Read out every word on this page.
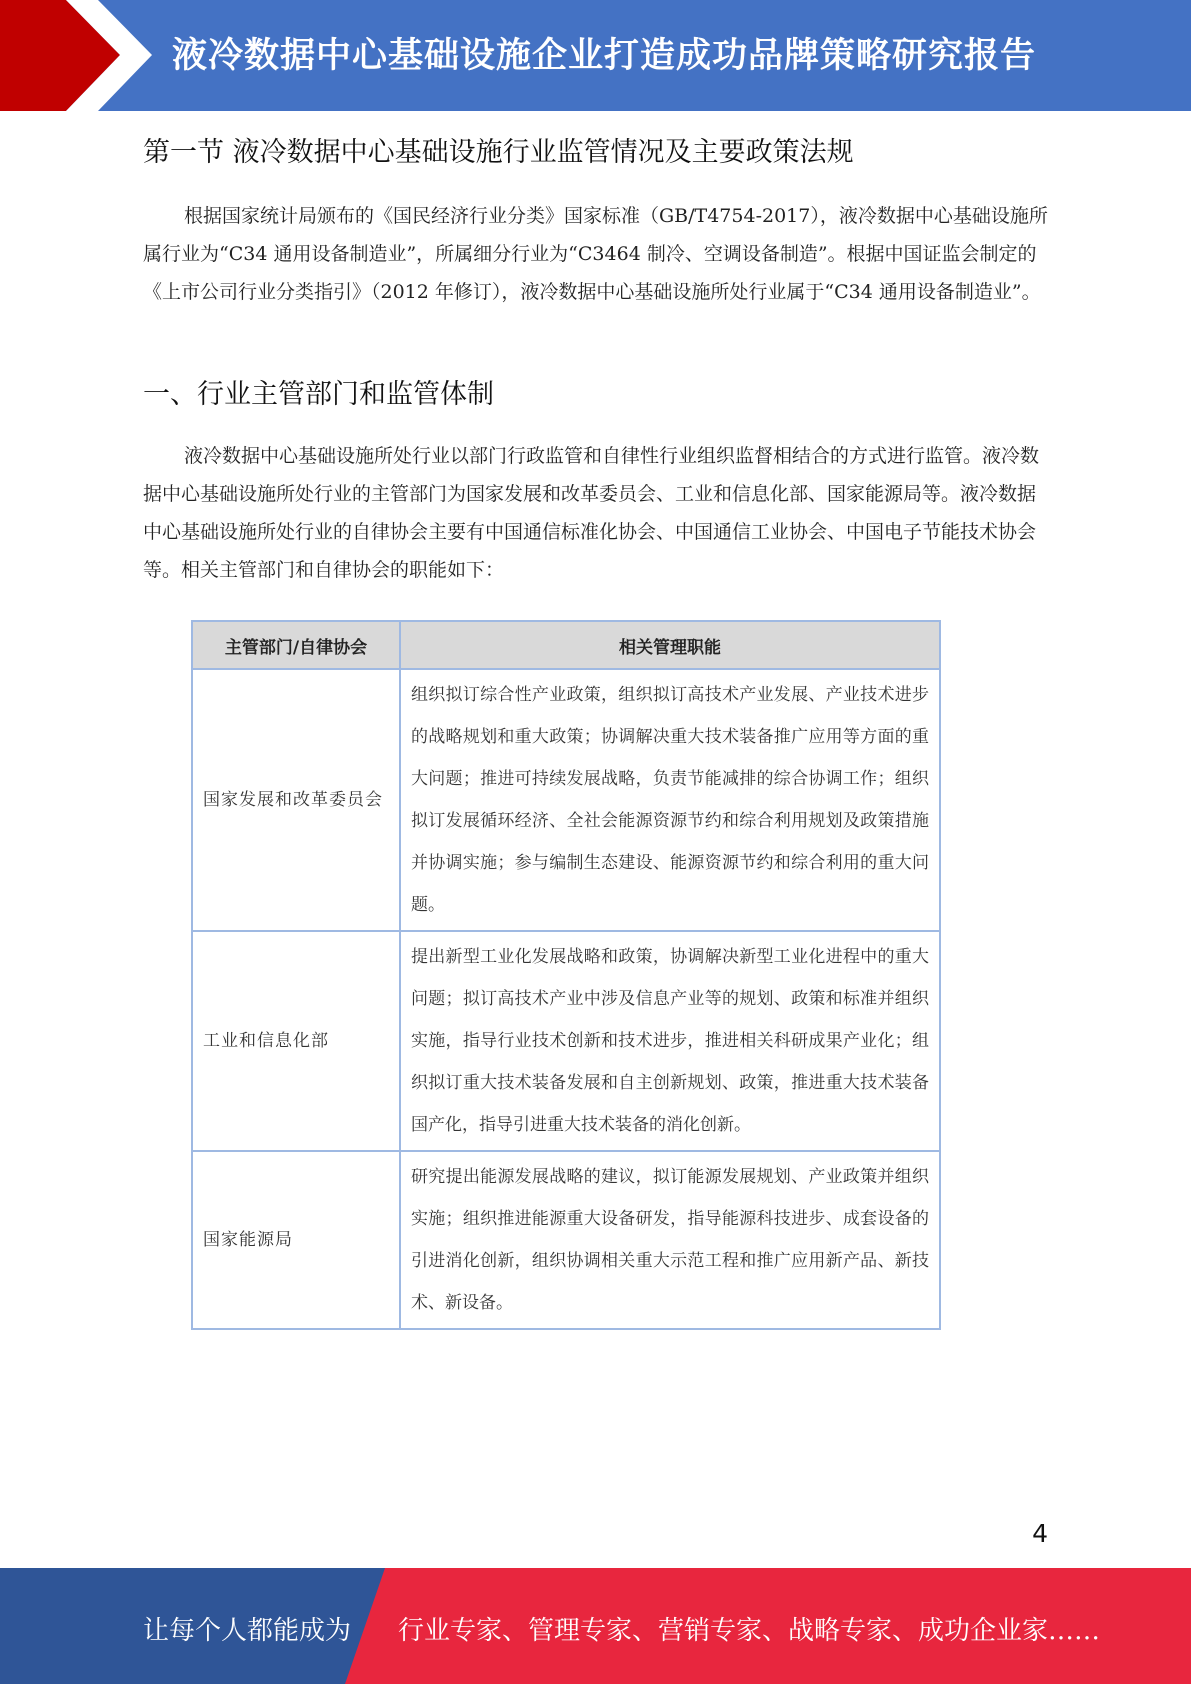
液冷数据中心基础设施企业打造成功品牌策略研究报告
第一节 液冷数据中心基础设施行业监管情况及主要政策法规

根据国家统计局颁布的《国民经济行业分类》国家标准（GB/T4754-2017），液冷数据中心基础设施所属行业为“C34 通用设备制造业”，所属细分行业为“C3464 制冷、空调设备制造”。根据中国证监会制定的《上市公司行业分类指引》（2012 年修订），液冷数据中心基础设施所处行业属于“C34 通用设备制造业”。

一、行业主管部门和监管体制

液冷数据中心基础设施所处行业以部门行政监管和自律性行业组织监督相结合的方式进行监管。液冷数据中心基础设施所处行业的主管部门为国家发展和改革委员会、工业和信息化部、国家能源局等。液冷数据中心基础设施所处行业的自律协会主要有中国通信标准化协会、中国通信工业协会、中国电子节能技术协会等。相关主管部门和自律协会的职能如下：

主管部门/自律协会	相关管理职能
国家发展和改革委员会	组织拟订综合性产业政策，组织拟订高技术产业发展、产业技术进步的战略规划和重大政策；协调解决重大技术装备推广应用等方面的重大问题；推进可持续发展战略，负责节能减排的综合协调工作；组织拟订发展循环经济、全社会能源资源节约和综合利用规划及政策措施并协调实施；参与编制生态建设、能源资源节约和综合利用的重大问题。
工业和信息化部	提出新型工业化发展战略和政策，协调解决新型工业化进程中的重大问题；拟订高技术产业中涉及信息产业等的规划、政策和标准并组织实施，指导行业技术创新和技术进步，推进相关科研成果产业化；组织拟订重大技术装备发展和自主创新规划、政策，推进重大技术装备国产化，指导引进重大技术装备的消化创新。
国家能源局	研究提出能源发展战略的建议，拟订能源发展规划、产业政策并组织实施；组织推进能源重大设备研发，指导能源科技进步、成套设备的引进消化创新，组织协调相关重大示范工程和推广应用新产品、新技术、新设备。
4
让每个人都能成为 行业专家、管理专家、营销专家、战略专家、成功企业家……
